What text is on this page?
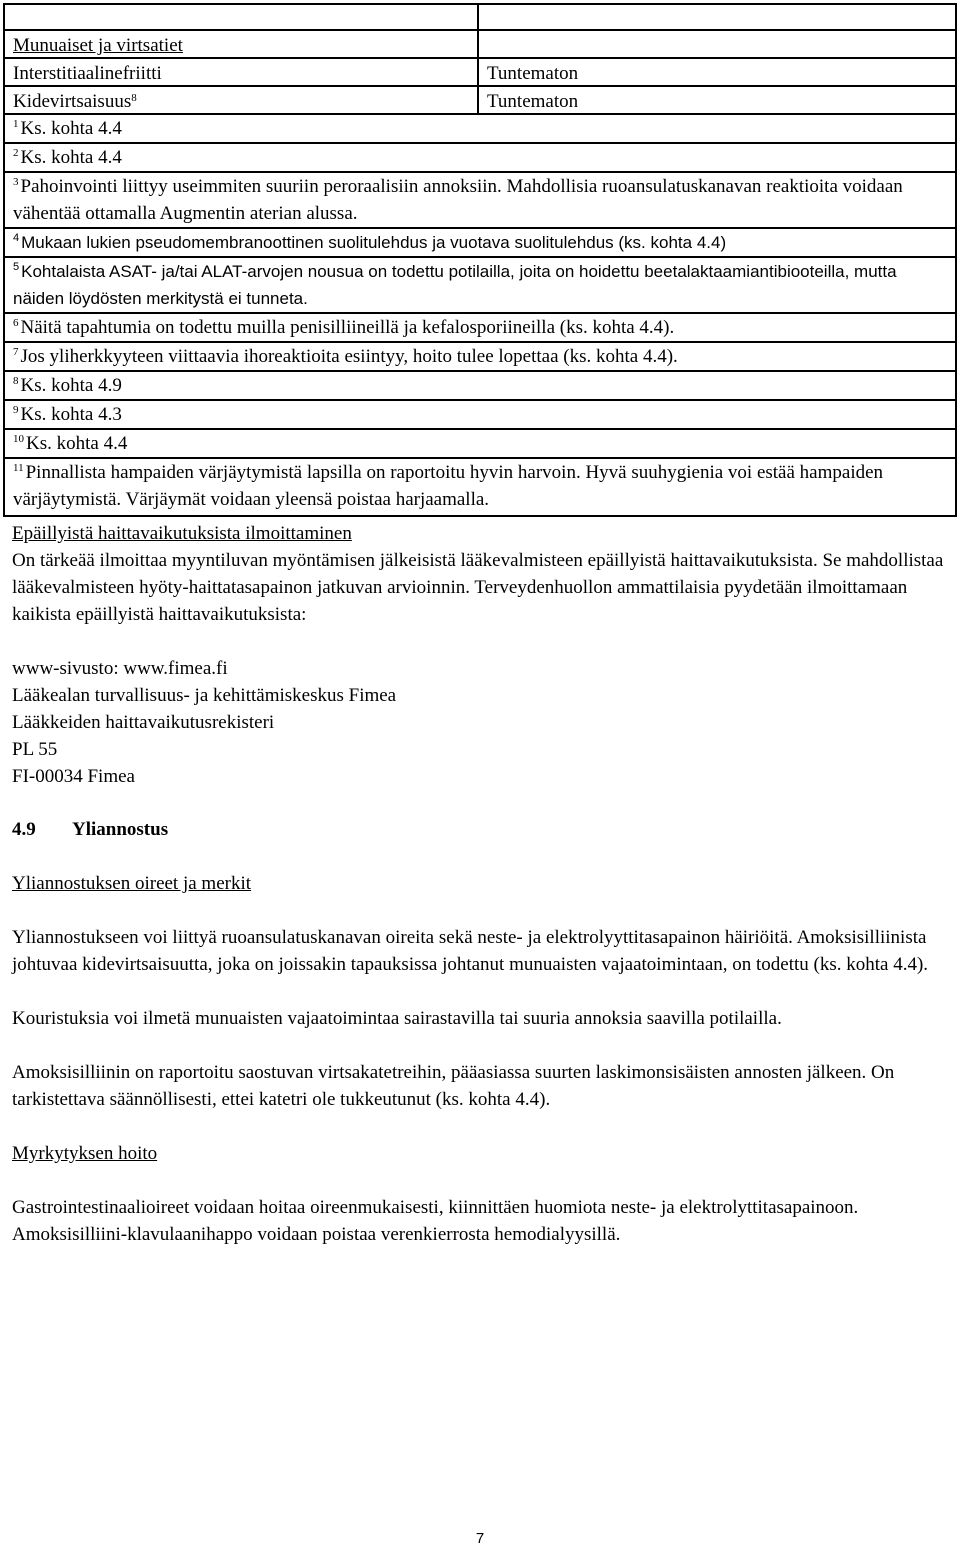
Munuaiset ja virtsatiet	
Interstitiaalinefriitti	Tuntematon
Kidevirtsaisuus$^8$	Tuntematon
$^1$ Ks. kohta 4.4	
$^2$ Ks. kohta 4.4	
$^3$ Pahoinvointi liittyy useimmiten suuriin peroraalisiin annoksiin. Mahdollisia ruoansulatuskanavan reaktioita voidaan vähentää ottamalla Augmentin aterian alussa.	
$^4$ Mukaan lukien pseudomembranoottinen suolitulehdus ja vuotava suolitulehdus (ks. kohta 4.4)	
$^5$ Kohtalaista ASAT- ja/tai ALAT-arvojen nousua on todettu potilailla, joita on hoidettu beetalaktaamiantibiooteilla, mutta näiden löydösten merkitystä ei tunneta.	
$^6$ Näitä tapahtumia on todettu muilla penisilliineillä ja kefalosporiineilla (ks. kohta 4.4).	
$^7$ Jos yliherkkyyteen viittaavia ihoreaktioita esiintyy, hoito tulee lopettaa (ks. kohta 4.4).	
$^8$ Ks. kohta 4.9	
$^9$ Ks. kohta 4.3	
$^{10}$ Ks. kohta 4.4	
$^{11}$ Pinnallista hampaiden värjäytymistä lapsilla on raportoitu hyvin harvoin. Hyvä suuhygienia voi estää hampaiden värjäytymistä. Värjäymät voidaan yleensä poistaa harjaamalla.	

Epäillyistä haittavaikutuksista ilmoittaminen

On tärkeää ilmoittaa myyntiluvan myöntämisen jälkeisistä lääkevalmisteen epäillyistä haittavaikutuksista. Se mahdollistaa lääkevalmisteen hyöty-haittatasapainon jatkuvan arvioinnin. Terveydenhuollon ammattilaisia pyydetään ilmoittamaan kaikista epäillyistä haittavaikutuksista:

www-sivusto: www.fimea.fi

Lääkealan turvallisuus- ja kehittämiskeskus Fimea

Lääkkeiden haittavaikutusrekisteri

PL 55

FI-00034 Fimea

4.9 Yliannostus

Yliannostuksen oireet ja merkit

Yliannostukseen voi liittyä ruoansulatuskanavan oireita sekä neste- ja elektrolyyttitasapainon häiriöitä. Amoksisilliinista johtuvaa kidevirtsaisuutta, joka on joissakin tapauksissa johtanut munuaisten vajaatoimintaan, on todettu (ks. kohta 4.4).

Kouristuksia voi ilmetä munuaisten vajaatoimintaa sairastavilla tai suuria annoksia saavilla potilailla.

Amoksisilliinin on raportoitu saostuvan virtsakatetreihin, pääasiassa suurten laskimonsisäisten annosten jälkeen. On tarkistettava säännöllisesti, ettei katetri ole tukkeutunut (ks. kohta 4.4).

Myrkytyksen hoito

Gastrointestinaalioireet voidaan hoitaa oireenmukaisesti, kiinnittäen huomiota neste- ja elektrolyttitasapainoon. Amoksisilliini-klavulaanihappo voidaan poistaa verenkierrosta hemodialyysillä.

7
